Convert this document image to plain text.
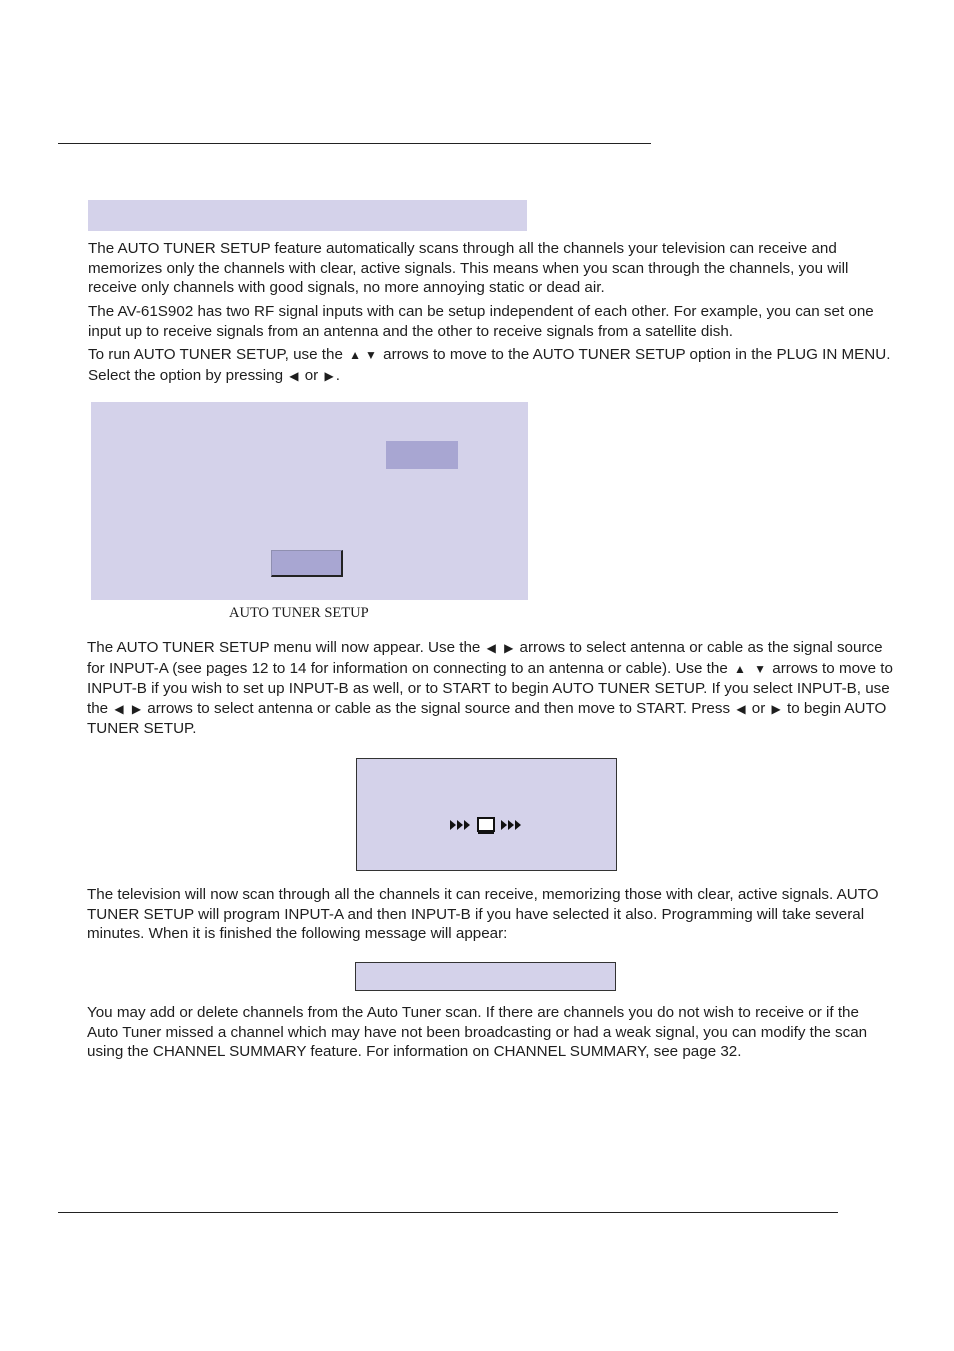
The AUTO TUNER SETUP feature automatically scans through all the channels your television can receive and memorizes only the channels with clear, active signals. This means when you scan through the channels, you will receive only channels with good signals, no more annoying static or dead air.

The AV-61S902 has two RF signal inputs with can be setup independent of each other. For example, you can set one input up to receive signals from an antenna and the other to receive signals from a satellite dish.

To run AUTO TUNER SETUP, use the ▲ ▼ arrows to move to the AUTO TUNER SETUP option in the PLUG IN MENU. Select the option by pressing ◀ or ▶ .

AUTO TUNER SETUP

The AUTO TUNER SETUP menu will now appear. Use the ◀ ▶ arrows to select antenna or cable as the signal source for INPUT-A (see pages 12 to 14 for information on connecting to an antenna or cable). Use the ▲ ▼ arrows to move to INPUT-B if you wish to set up INPUT-B as well, or to START to begin AUTO TUNER SETUP. If you select INPUT-B, use the ◀ ▶ arrows to select antenna or cable as the signal source and then move to START. Press ◀ or ▶ to begin AUTO TUNER SETUP.

The television will now scan through all the channels it can receive, memorizing those with clear, active signals. AUTO TUNER SETUP will program INPUT-A and then INPUT-B if you have selected it also. Programming will take several minutes. When it is finished the following message will appear:

You may add or delete channels from the Auto Tuner scan. If there are channels you do not wish to receive or if the Auto Tuner missed a channel which may have not been broadcasting or had a weak signal, you can modify the scan using the CHANNEL SUMMARY feature. For information on CHANNEL SUMMARY, see page 32.
